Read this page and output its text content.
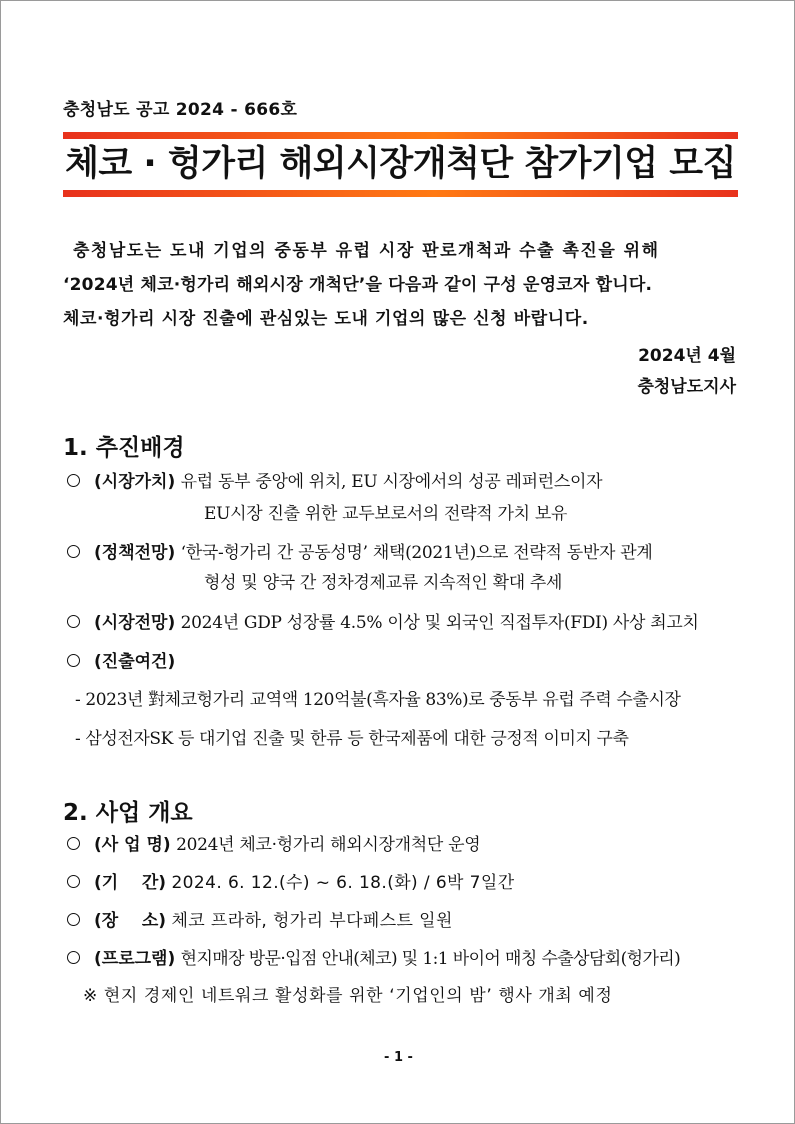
충청남도 공고 2024 - 666호
체코 · 헝가리 해외시장개척단 참가기업 모집

충청남도는 도내 기업의 중동부 유럽 시장 판로개척과 수출 촉진을 위해

‘2024년 체코·헝가리 해외시장 개척단’을 다음과 같이 구성 운영코자 합니다.

체코·헝가리 시장 진출에 관심있는 도내 기업의 많은 신청 바랍니다.

2024년 4월
충청남도지사
1. 추진배경
(시장가치) 유럽 동부 중앙에 위치, EU 시장에서의 성공 레퍼런스이자
EU시장 진출 위한 교두보로서의 전략적 가치 보유
(정책전망) ‘한국-헝가리 간 공동성명’ 채택(2021년)으로 전략적 동반자 관계
형성 및 양국 간 정차경제교류 지속적인 확대 추세
(시장전망) 2024년 GDP 성장률 4.5% 이상 및 외국인 직접투자(FDI) 사상 최고치
(진출여건)
- 2023년 對체코헝가리 교역액 120억불(흑자율 83%)로 중동부 유럽 주력 수출시장
- 삼성전자SK 등 대기업 진출 및 한류 등 한국제품에 대한 긍정적 이미지 구축
2. 사업 개요
(사 업 명) 2024년 체코·헝가리 해외시장개척단 운영
(기    간) 2024. 6. 12.(수) ~ 6. 18.(화) / 6박 7일간
(장    소) 체코 프라하, 헝가리 부다페스트 일원
(프로그램) 현지매장 방문·입점 안내(체코) 및 1:1 바이어 매칭 수출상담회(헝가리)
※ 현지 경제인 네트워크 활성화를 위한 ‘기업인의 밤’ 행사 개최 예정
- 1 -
